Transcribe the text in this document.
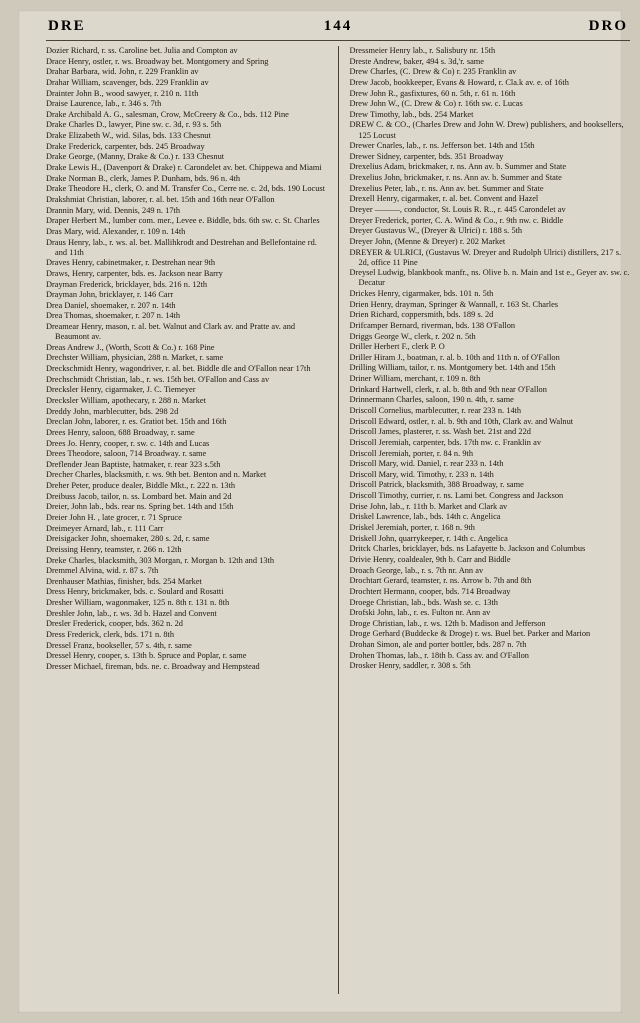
DRE	144	DRO

Dozier Richard, r. ss. Caroline bet. Julia and Compton av

Drace Henry, ostler, r. ws. Broadway bet. Montgomery and Spring

Drahar Barbara, wid. John, r. 229 Franklin av

Drahar William, scavenger, bds. 229 Franklin av

Drainter John B., wood sawyer, r. 210 n. 11th

Draise Laurence, lab., r. 346 s. 7th

Drake Archibald A. G., salesman, Crow, McCreery & Co., bds. 112 Pine

Drake Charles D., lawyer, Pine sw. c. 3d, r. 93 s. 5th

Drake Elizabeth W., wid. Silas, bds. 133 Chesnut

Drake Frederick, carpenter, bds. 245 Broadway

Drake George, (Manny, Drake & Co.) r. 133 Chesnut

Drake Lewis H., (Davenport & Drake) r. Carondelet av. bet. Chippewa and Miami

Drake Norman B., clerk, James P. Dunham, bds. 96 n. 4th

Drake Theodore H., clerk, O. and M. Transfer Co., Cerre ne. c. 2d, bds. 190 Locust

Drakshmiat Christian, laborer, r. al. bet. 15th and 16th near O'Fallon

Drannin Mary, wid. Dennis, 249 n. 17th

Draper Herbert M., lumber com. mer., Levee e. Biddle, bds. 6th sw. c. St. Charles

Dras Mary, wid. Alexander, r. 109 n. 14th

Draus Henry, lab., r. ws. al. bet. Mallihkrodt and Destrehan and Bellefontaine rd. and 11th

Draves Henry, cabinetmaker, r. Destrehan near 9th

Draws, Henry, carpenter, bds. es. Jackson near Barry

Drayman Frederick, bricklayer, bds. 216 n. 12th

Drayman John, bricklayer, r. 146 Carr

Drea Daniel, shoemaker, r. 207 n. 14th

Drea Thomas, shoemaker, r. 207 n. 14th

Dreamear Henry, mason, r. al. bet. Walnut and Clark av. and Pratte av. and Beaumont av.

Dreas Andrew J., (Worth, Scott & Co.) r. 168 Pine

Drechster William, physician, 288 n. Market, r. same

Dreckschmidt Henry, wagondriver, r. al. bet. Biddle dle and O'Fallon near 17th

Drechschmidt Christian, lab., r. ws. 15th bet. O'Fallon and Cass av

Drecksler Henry, cigarmaker, J. C. Tiemeyer

Drecksler William, apothecary, r. 288 n. Market

Dreddy John, marblecutter, bds. 298 2d

Dreclan John, laborer, r. es. Gratiot bet. 15th and 16th

Drees Henry, saloon, 688 Broadway, r. same

Drees Jo. Henry, cooper, r. sw. c. 14th and Lucas

Drees Theodore, saloon, 714 Broadway. r. same

Dreflender Jean Baptiste, hatmaker, r. rear 323 s.5th

Drecher Charles, blacksmith, r. ws. 9th bet. Benton and n. Market

Dreher Peter, produce dealer, Biddle Mkt., r. 222 n. 13th

Dreibuss Jacob, tailor, n. ss. Lombard bet. Main and 2d

Dreier, John lab., bds. rear ns. Spring bet. 14th and 15th

Dreier John H. , late grocer, r. 71 Spruce

Dreimeyer Arnard, lab., r. 111 Carr

Dreisigacker John, shoemaker, 280 s. 2d, r. same

Dreissing Henry, teamster, r. 266 n. 12th

Dreke Charles, blacksmith, 303 Morgan, r. Morgan b. 12th and 13th

Dremmel Alvina, wid. r. 87 s. 7th

Drenhauser Mathias, finisher, bds. 254 Market

Dress Henry, brickmaker, bds. c. Soulard and Rosatti

Dresher William, wagonmaker, 125 n. 8th r. 131 n. 8th

Dreshler John, lab., r. ws. 3d b. Hazel and Convent

Dresler Frederick, cooper, bds. 362 n. 2d

Dress Frederick, clerk, bds. 171 n. 8th

Dressel Franz, bookseller, 57 s. 4th, r. same

Dressel Henry, cooper, s. 13th b. Spruce and Poplar, r. same

Dresser Michael, fireman, bds. ne. c. Broadway and Hempstead

Dressmeier Henry lab., r. Salisbury nr. 15th

Dreste Andrew, baker, 494 s. 3d,'r. same

Drew Charles, (C. Drew & Co) r. 235 Franklin av

Drew Jacob, bookkeeper, Evans & Howard, r. Cla.k av. e. of 16th

Drew John R., gasfixtures, 60 n. 5th, r. 61 n. 16th

Drew John W., (C. Drew & Co) r. 16th sw. c. Lucas

Drew Timothy, lab., bds. 254 Market

DREW C. & CO., (Charles Drew and John W. Drew) publishers, and booksellers, 125 Locust

Drewer Cnarles, lab., r. ns. Jefferson bet. 14th and 15th

Drewer Sidney, carpenter, bds. 351 Broadway

Drexelius Adam, brickmaker, r. ns. Ann av. b. Summer and State

Drexelius John, brickmaker, r. ns. Ann av. b. Summer and State

Drexelius Peter, lab., r. ns. Ann av. bet. Summer and State

Drexell Henry, cigarmaker, r. al. bet. Convent and Hazel

Dreyer ———, conductor, St. Louis R. R.., r. 445 Carondelet av

Dreyer Frederick, porter, C. A. Wind & Co., r. 9th nw. c. Biddle

Dreyer Gustavus W., (Dreyer & Ulrici) r. 188 s. 5th

Dreyer John, (Menne & Dreyer) r. 202 Market

DREYER & ULRICI, (Gustavus W. Dreyer and Rudolph Ulrici) distillers, 217 s. 2d, office 11 Pine

Dreysel Ludwig, blankbook manfr., ns. Olive b. n. Main and 1st e., Geyer av. sw. c. Decatur

Drickes Henry, cigarmaker, bds. 101 n. 5th

Drien Henry, drayman, Springer & Wannall, r. 163 St. Charles

Drien Richard, coppersmith, bds. 189 s. 2d

Drifcamper Bernard, riverman, bds. 138 O'Fallon

Driggs George W., clerk, r. 202 n. 5th

Driller Herbert F., clerk P. O

Driller Hiram J., boatman, r. al. b. 10th and 11th n. of O'Fallon

Drilling William, tailor, r. ns. Montgomery bet. 14th and 15th

Driner William, merchant, r. 109 n. 8th

Drinkard Hartwell, clerk, r. al. b. 8th and 9th near O'Fallon

Drinnermann Charles, saloon, 190 n. 4th, r. same

Driscoll Cornelius, marblecutter, r. rear 233 n. 14th

Driscoll Edward, ostler, r. al. b. 9th and 10th, Clark av. and Walnut

Driscoll James, plasterer, r. ss. Wash bet. 21st and 22d

Driscoll Jeremiah, carpenter, bds. 17th nw. c. Franklin av

Driscoll Jeremiah, porter, r. 84 n. 9th

Driscoll Mary, wid. Daniel, r. rear 233 n. 14th

Driscoll Mary, wid. Timothy, r. 233 n. 14th

Driscoll Patrick, blacksmith, 388 Broadway, r. same

Driscoll Timothy, currier, r. ns. Lami bet. Congress and Jackson

Drise John, lab., r. 11th b. Market and Clark av

Driskel Lawrence, lab., bds. 14th c. Angelica

Driskel Jeremiah, porter, r. 168 n. 9th

Driskell John, quarrykeeper, r. 14th c. Angelica

Dritck Charles, bricklayer, bds. ns Lafayette b. Jackson and Columbus

Drivie Henry, coaldealer, 9th b. Carr and Biddle

Droach George, lab., r. s. 7th nr. Ann av

Drochtart Gerard, teamster, r. ns. Arrow b. 7th and 8th

Drochtert Hermann, cooper, bds. 714 Broadway

Droege Christian, lab., bds. Wash se. c. 13th

Drofski John, lab., r. es. Fulton nr. Ann av

Droge Christian, lab., r. ws. 12th b. Madison and Jefferson

Droge Gerhard (Buddecke & Droge) r. ws. Buel bet. Parker and Marion

Drohan Simon, ale and porter bottler, bds. 287 n. 7th

Drohen Thomas, lab., r. 18th b. Cass av. and O'Fallon

Drosker Henry, saddler, r. 308 s. 5th
